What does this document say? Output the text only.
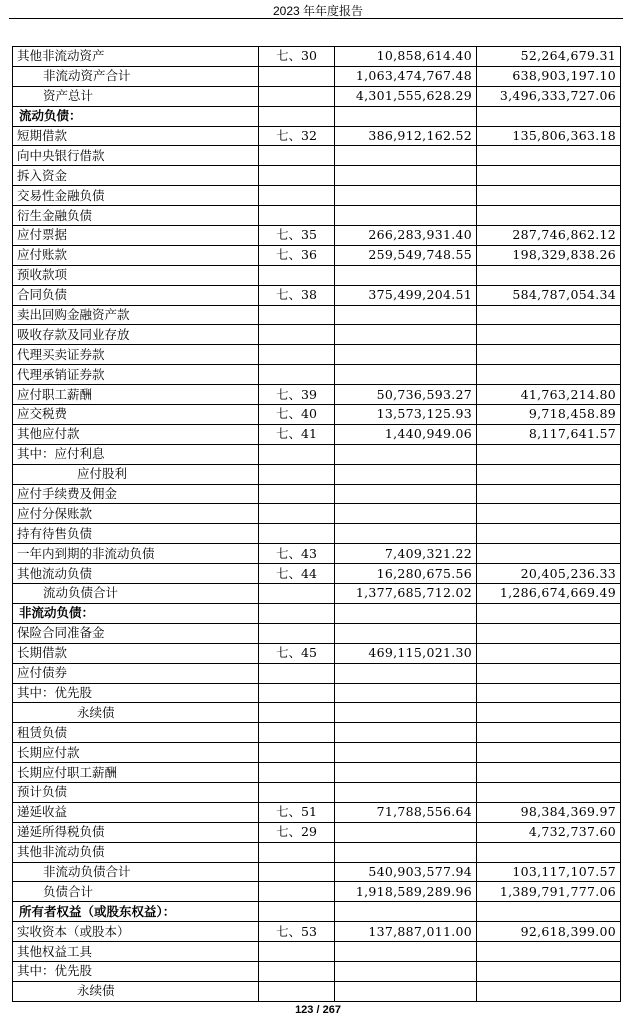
2023 年年度报告
其他非流动资产	七、30	10,858,614.40	52,264,679.31
非流动资产合计		1,063,474,767.48	638,903,197.10
资产总计		4,301,555,628.29	3,496,333,727.06
流动负债：			
短期借款	七、32	386,912,162.52	135,806,363.18
向中央银行借款			
拆入资金			
交易性金融负债			
衍生金融负债			
应付票据	七、35	266,283,931.40	287,746,862.12
应付账款	七、36	259,549,748.55	198,329,838.26
预收款项			
合同负债	七、38	375,499,204.51	584,787,054.34
卖出回购金融资产款			
吸收存款及同业存放			
代理买卖证券款			
代理承销证券款			
应付职工薪酬	七、39	50,736,593.27	41,763,214.80
应交税费	七、40	13,573,125.93	9,718,458.89
其他应付款	七、41	1,440,949.06	8,117,641.57
其中：应付利息			
应付股利			
应付手续费及佣金			
应付分保账款			
持有待售负债			
一年内到期的非流动负债	七、43	7,409,321.22	
其他流动负债	七、44	16,280,675.56	20,405,236.33
流动负债合计		1,377,685,712.02	1,286,674,669.49
非流动负债：			
保险合同准备金			
长期借款	七、45	469,115,021.30	
应付债券			
其中：优先股			
永续债			
租赁负债			
长期应付款			
长期应付职工薪酬			
预计负债			
递延收益	七、51	71,788,556.64	98,384,369.97
递延所得税负债	七、29		4,732,737.60
其他非流动负债			
非流动负债合计		540,903,577.94	103,117,107.57
负债合计		1,918,589,289.96	1,389,791,777.06
所有者权益（或股东权益）：			
实收资本（或股本）	七、53	137,887,011.00	92,618,399.00
其他权益工具			
其中：优先股			
永续债			
123 / 267
